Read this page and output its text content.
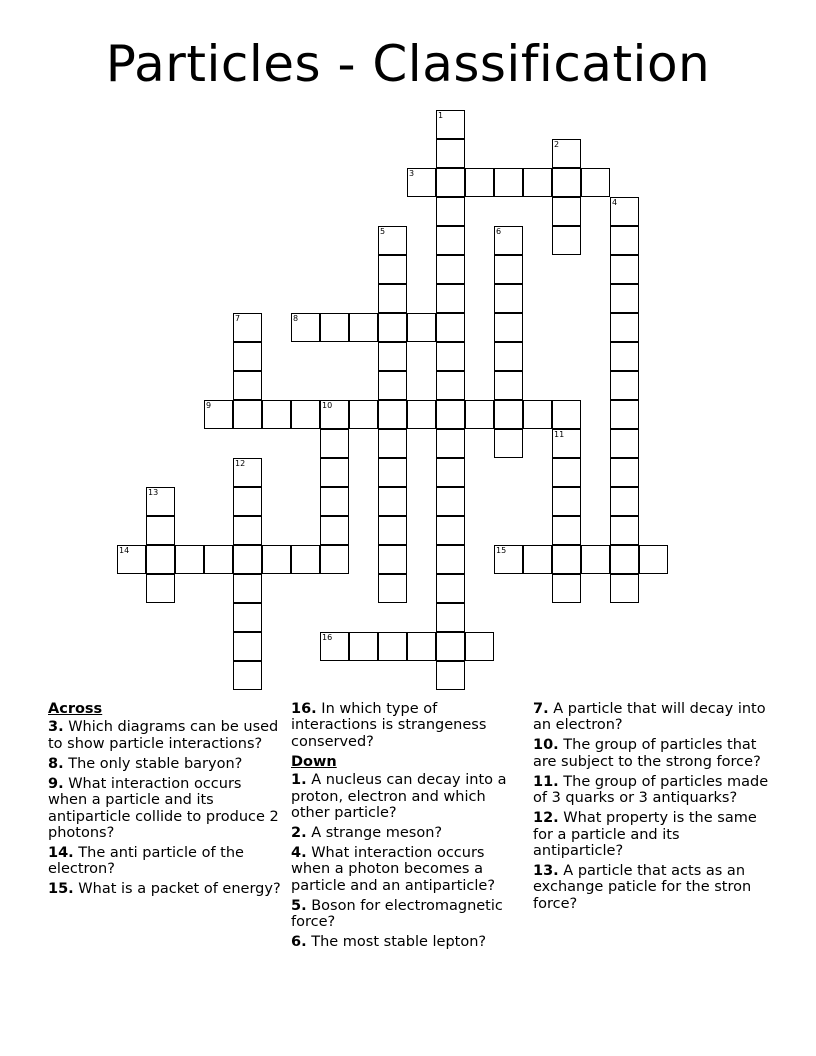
Particles - Classification
1
2
3
4
5	6
7	8
9	10
11
12
13
14	15
16
Across
3. Which diagrams can be used to show particle interactions?
8. The only stable baryon?
9. What interaction occurs when a particle and its antiparticle collide to produce 2 photons?
14. The anti particle of the electron?
15. What is a packet of energy?
16. In which type of interactions is strangeness conserved?
Down
1. A nucleus can decay into a proton, electron and which other particle?
2. A strange meson?
4. What interaction occurs when a photon becomes a particle and an antiparticle?
5. Boson for electromagnetic force?
6. The most stable lepton?
7. A particle that will decay into an electron?
10. The group of particles that are subject to the strong force?
11. The group of particles made of 3 quarks or 3 antiquarks?
12. What property is the same for a particle and its antiparticle?
13. A particle that acts as an exchange paticle for the stron force?
